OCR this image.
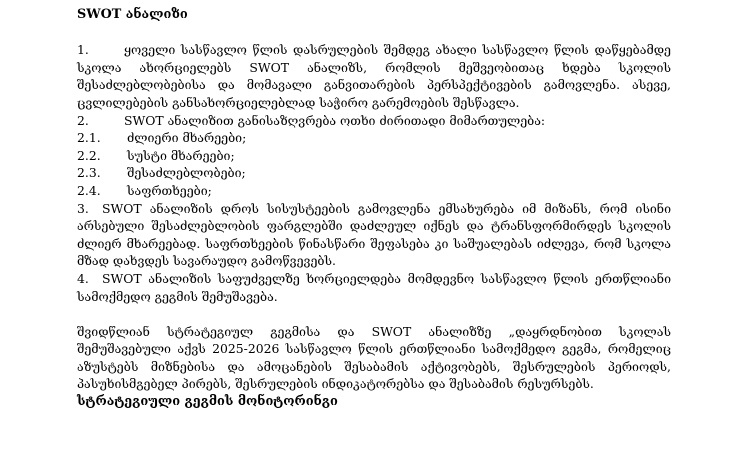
SWOT ანალიზი

1.	ყოველი სასწავლო წლის დასრულების შემდეგ ახალი სასწავლო წლის დაწყებამდე სკოლა ახორციელებს SWOT ანალიზს, რომლის მეშვეობითაც ხდება სკოლის შესაძლებლობებისა და მომავალი განვითარების პერსპექტივების გამოვლენა. ასევე, ცვლილებების განსახორციელებლად საჭირო გარემოების შესწავლა.
2.	SWOT ანალიზით განისაზღვრება ოთხი ძირითადი მიმართულება:
2.1.	ძლიერი მხარეები;
2.2.	სუსტი მხარეები;
2.3.	შესაძლებლობები;
2.4.	საფრთხეები;
3. SWOT ანალიზის დროს სისუსტეების გამოვლენა ემსახურება იმ მიზანს, რომ ისინი არსებული შესაძლებლობის ფარგლებში დაძლეულ იქნეს და ტრანსფორმირდეს სკოლის ძლიერ მხარეებად. საფრთხეების წინასწარი შეფასება კი საშუალებას იძლევა, რომ სკოლა მზად დახვდეს სავარაუდო გამოწვევებს.
4. SWOT ანალიზის საფუძველზე ხორციელდება მომდევნო სასწავლო წლის ერთწლიანი სამოქმედო გეგმის შემუშავება.

შვიდწლიან სტრატეგიულ გეგმისა და SWOT ანალიზზე „დაყრდნობით სკოლას შემუშავებული აქვს 2025-2026 სასწავლო წლის ერთწლიანი სამოქმედო გეგმა, რომელიც აზუსტებს მიზნებისა და ამოცანების შესაბამის აქტივობებს, შესრულების პერიოდს, პასუხისმგებელ პირებს, შესრულების ინდიკატორებსა და შესაბამის რესურსებს.

სტრატეგიული გეგმის მონიტორინგი
